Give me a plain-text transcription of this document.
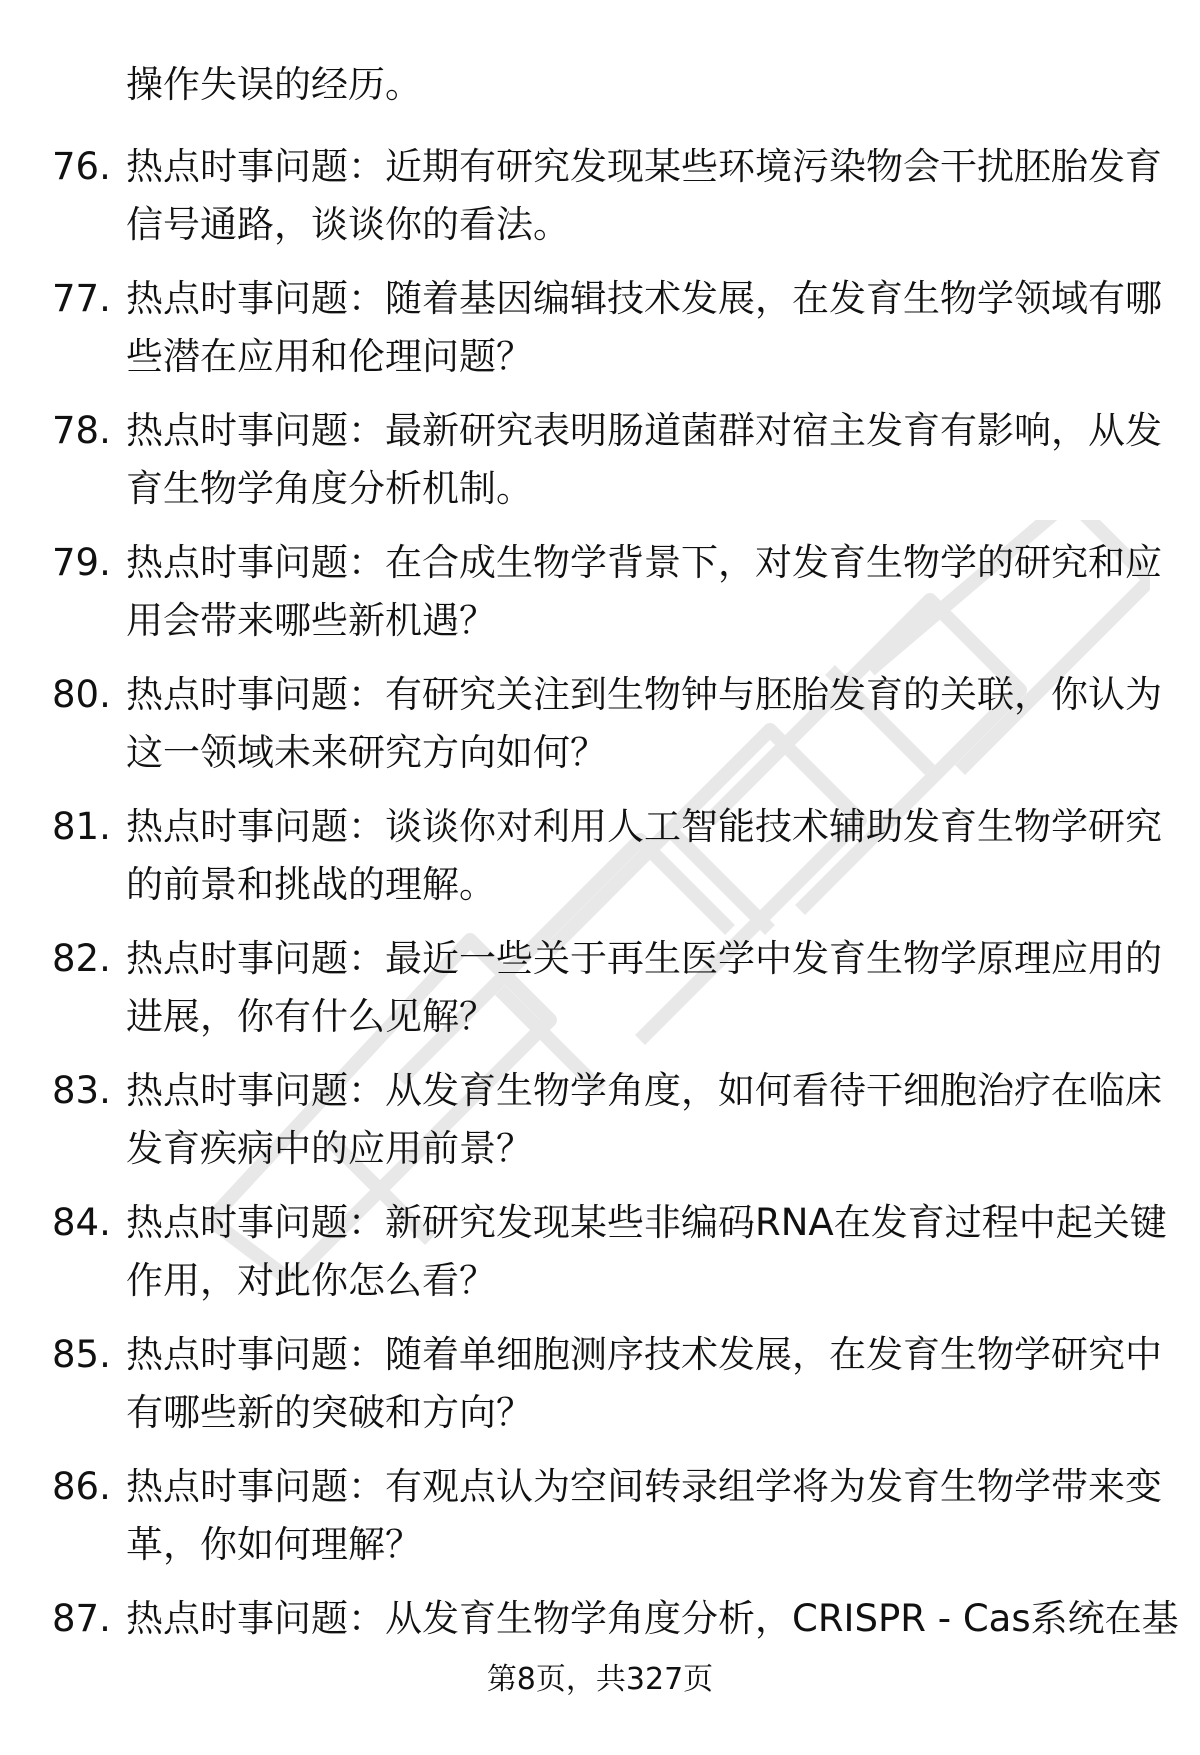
操作失误的经历。
76. 热点时事问题：近期有研究发现某些环境污染物会干扰胚胎发育
信号通路，谈谈你的看法。
77. 热点时事问题：随着基因编辑技术发展，在发育生物学领域有哪
些潜在应用和伦理问题？
78. 热点时事问题：最新研究表明肠道菌群对宿主发育有影响，从发
育生物学角度分析机制。
79. 热点时事问题：在合成生物学背景下，对发育生物学的研究和应
用会带来哪些新机遇？
80. 热点时事问题：有研究关注到生物钟与胚胎发育的关联，你认为
这一领域未来研究方向如何？
81. 热点时事问题：谈谈你对利用人工智能技术辅助发育生物学研究
的前景和挑战的理解。
82. 热点时事问题：最近一些关于再生医学中发育生物学原理应用的
进展，你有什么见解？
83. 热点时事问题：从发育生物学角度，如何看待干细胞治疗在临床
发育疾病中的应用前景？
84. 热点时事问题：新研究发现某些非编码RNA在发育过程中起关键
作用，对此你怎么看？
85. 热点时事问题：随着单细胞测序技术发展，在发育生物学研究中
有哪些新的突破和方向？
86. 热点时事问题：有观点认为空间转录组学将为发育生物学带来变
革，你如何理解？
87. 热点时事问题：从发育生物学角度分析，CRISPR - Cas系统在基
第8页，共327页
